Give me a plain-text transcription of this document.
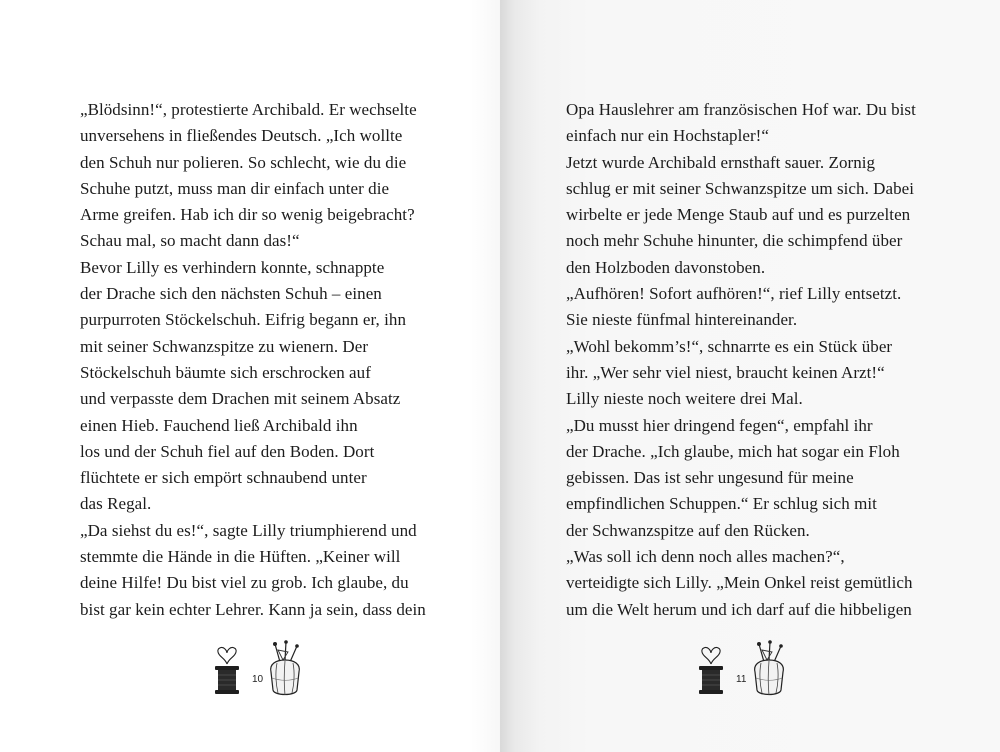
„Blödsinn!“, protestierte Archibald. Er wechselte
unversehens in fließendes Deutsch. „Ich wollte
den Schuh nur polieren. So schlecht, wie du die
Schuhe putzt, muss man dir einfach unter die
Arme greifen. Hab ich dir so wenig beigebracht?
Schau mal, so macht dann das!“
Bevor Lilly es verhindern konnte, schnappte
der Drache sich den nächsten Schuh – einen
purpurroten Stöckelschuh. Eifrig begann er, ihn
mit seiner Schwanzspitze zu wienern. Der
Stöckelschuh bäumte sich erschrocken auf
und verpasste dem Drachen mit seinem Absatz
einen Hieb. Fauchend ließ Archibald ihn
los und der Schuh fiel auf den Boden. Dort
flüchtete er sich empört schnaubend unter
das Regal.
„Da siehst du es!“, sagte Lilly triumphierend und
stemmte die Hände in die Hüften. „Keiner will
deine Hilfe! Du bist viel zu grob. Ich glaube, du
bist gar kein echter Lehrer. Kann ja sein, dass dein
10
Opa Hauslehrer am französischen Hof war. Du bist
einfach nur ein Hochstapler!“
Jetzt wurde Archibald ernsthaft sauer. Zornig
schlug er mit seiner Schwanzspitze um sich. Dabei
wirbelte er jede Menge Staub auf und es purzelten
noch mehr Schuhe hinunter, die schimpfend über
den Holzboden davonstoben.
„Aufhören! Sofort aufhören!“, rief Lilly entsetzt.
Sie nieste fünfmal hintereinander.
„Wohl bekomm’s!“, schnarrte es ein Stück über
ihr. „Wer sehr viel niest, braucht keinen Arzt!“
Lilly nieste noch weitere drei Mal.
„Du musst hier dringend fegen“, empfahl ihr
der Drache. „Ich glaube, mich hat sogar ein Floh
gebissen. Das ist sehr ungesund für meine
empfindlichen Schuppen.“ Er schlug sich mit
der Schwanzspitze auf den Rücken.
„Was soll ich denn noch alles machen?“,
verteidigte sich Lilly. „Mein Onkel reist gemütlich
um die Welt herum und ich darf auf die hibbeligen
11
